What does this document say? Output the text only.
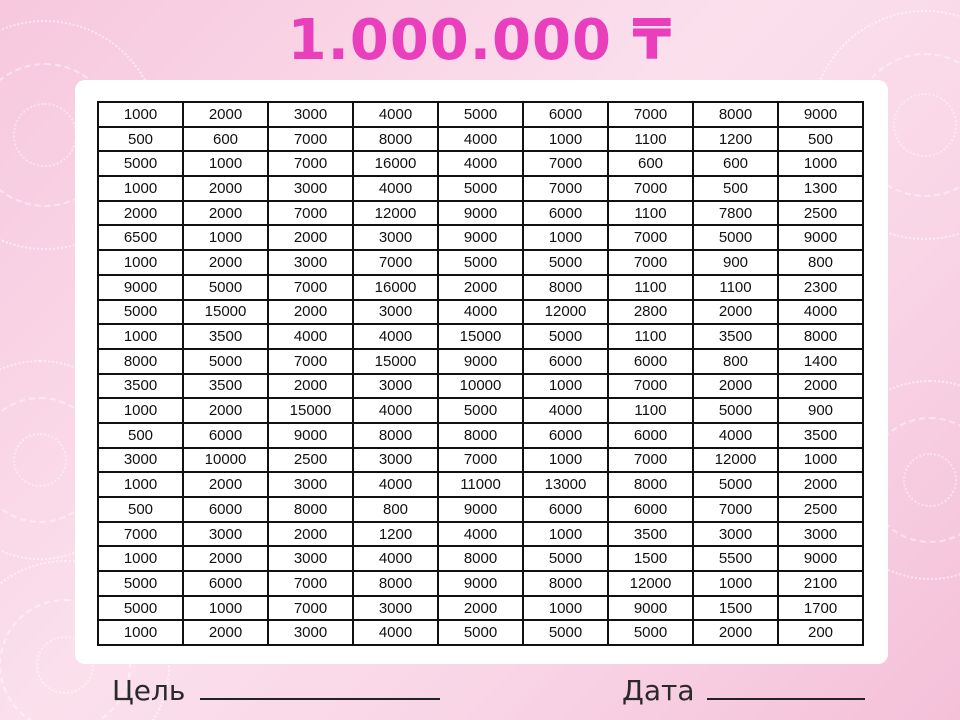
1.000.000 ₸
1000	2000	3000	4000	5000	6000	7000	8000	9000
500	600	7000	8000	4000	1000	1100	1200	500
5000	1000	7000	16000	4000	7000	600	600	1000
1000	2000	3000	4000	5000	7000	7000	500	1300
2000	2000	7000	12000	9000	6000	1100	7800	2500
6500	1000	2000	3000	9000	1000	7000	5000	9000
1000	2000	3000	7000	5000	5000	7000	900	800
9000	5000	7000	16000	2000	8000	1100	1100	2300
5000	15000	2000	3000	4000	12000	2800	2000	4000
1000	3500	4000	4000	15000	5000	1100	3500	8000
8000	5000	7000	15000	9000	6000	6000	800	1400
3500	3500	2000	3000	10000	1000	7000	2000	2000
1000	2000	15000	4000	5000	4000	1100	5000	900
500	6000	9000	8000	8000	6000	6000	4000	3500
3000	10000	2500	3000	7000	1000	7000	12000	1000
1000	2000	3000	4000	11000	13000	8000	5000	2000
500	6000	8000	800	9000	6000	6000	7000	2500
7000	3000	2000	1200	4000	1000	3500	3000	3000
1000	2000	3000	4000	8000	5000	1500	5500	9000
5000	6000	7000	8000	9000	8000	12000	1000	2100
5000	1000	7000	3000	2000	1000	9000	1500	1700
1000	2000	3000	4000	5000	5000	5000	2000	200
Цель	Дата
